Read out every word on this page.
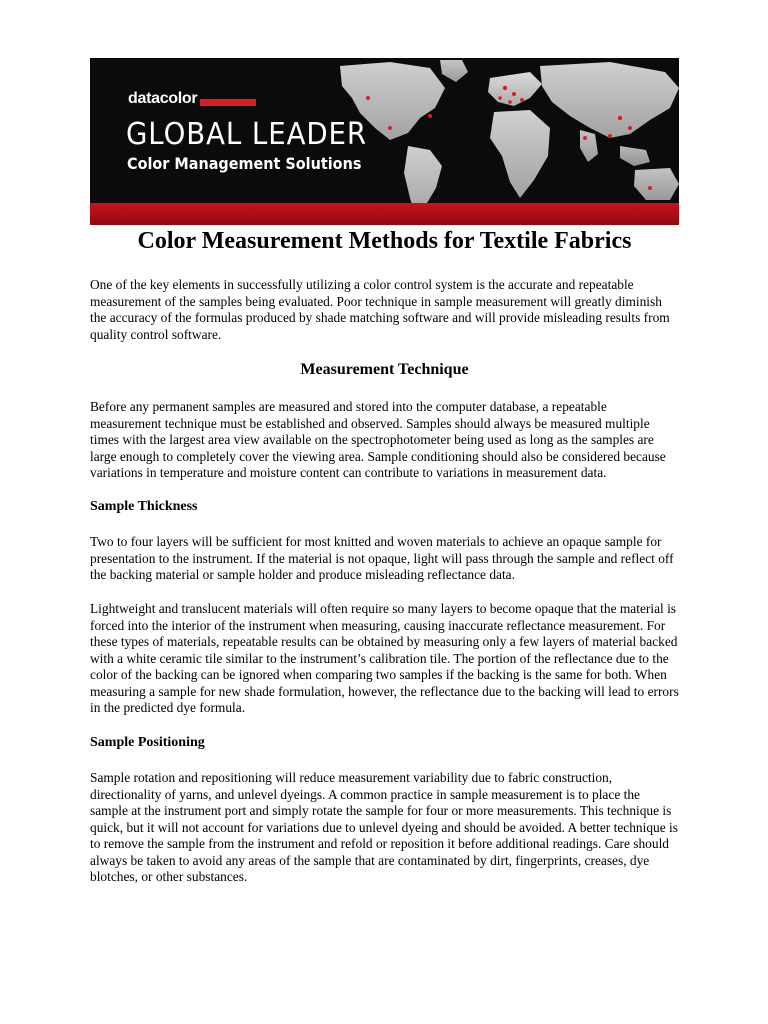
datacolor
GLOBAL LEADER
Color Management Solutions
Color Measurement Methods for Textile Fabrics

One of the key elements in successfully utilizing a color control system is the accurate and repeatable measurement of the samples being evaluated. Poor technique in sample measurement will greatly diminish the accuracy of the formulas produced by shade matching software and will provide misleading results from quality control software.

Measurement Technique

Before any permanent samples are measured and stored into the computer database, a repeatable measurement technique must be established and observed. Samples should always be measured multiple times with the largest area view available on the spectrophotometer being used as long as the samples are large enough to completely cover the viewing area. Sample conditioning should also be considered because variations in temperature and moisture content can contribute to variations in measurement data.

Sample Thickness

Two to four layers will be sufficient for most knitted and woven materials to achieve an opaque sample for presentation to the instrument. If the material is not opaque, light will pass through the sample and reflect off the backing material or sample holder and produce misleading reflectance data.

Lightweight and translucent materials will often require so many layers to become opaque that the material is forced into the interior of the instrument when measuring, causing inaccurate reflectance measurement. For these types of materials, repeatable results can be obtained by measuring only a few layers of material backed with a white ceramic tile similar to the instrument’s calibration tile. The portion of the reflectance due to the color of the backing can be ignored when comparing two samples if the backing is the same for both. When measuring a sample for new shade formulation, however, the reflectance due to the backing will lead to errors in the predicted dye formula.

Sample Positioning

Sample rotation and repositioning will reduce measurement variability due to fabric construction, directionality of yarns, and unlevel dyeings. A common practice in sample measurement is to place the sample at the instrument port and simply rotate the sample for four or more measurements. This technique is quick, but it will not account for variations due to unlevel dyeing and should be avoided. A better technique is to remove the sample from the instrument and refold or reposition it before additional readings. Care should always be taken to avoid any areas of the sample that are contaminated by dirt, fingerprints, creases, dye blotches, or other substances.
